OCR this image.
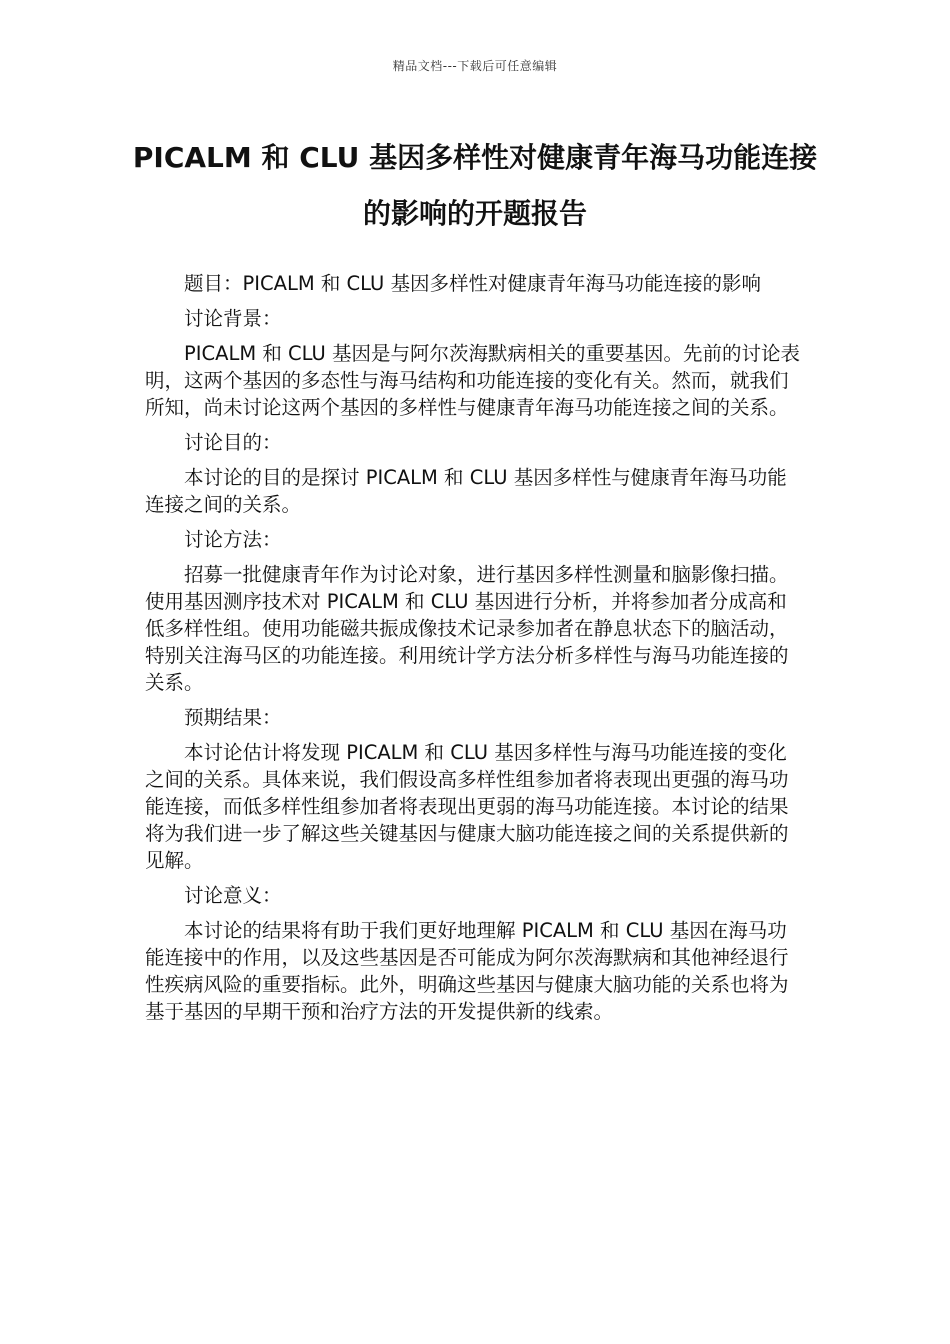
精品文档---下载后可任意编辑
PICALM 和 CLU 基因多样性对健康青年海马功能连接的影响的开题报告

题目：PICALM 和 CLU 基因多样性对健康青年海马功能连接的影响

讨论背景：

PICALM 和 CLU 基因是与阿尔茨海默病相关的重要基因。先前的讨论表明，这两个基因的多态性与海马结构和功能连接的变化有关。然而，就我们所知，尚未讨论这两个基因的多样性与健康青年海马功能连接之间的关系。

讨论目的：

本讨论的目的是探讨 PICALM 和 CLU 基因多样性与健康青年海马功能连接之间的关系。

讨论方法：

招募一批健康青年作为讨论对象，进行基因多样性测量和脑影像扫描。使用基因测序技术对 PICALM 和 CLU 基因进行分析，并将参加者分成高和低多样性组。使用功能磁共振成像技术记录参加者在静息状态下的脑活动，特别关注海马区的功能连接。利用统计学方法分析多样性与海马功能连接的关系。

预期结果：

本讨论估计将发现 PICALM 和 CLU 基因多样性与海马功能连接的变化之间的关系。具体来说，我们假设高多样性组参加者将表现出更强的海马功能连接，而低多样性组参加者将表现出更弱的海马功能连接。本讨论的结果将为我们进一步了解这些关键基因与健康大脑功能连接之间的关系提供新的见解。

讨论意义：

本讨论的结果将有助于我们更好地理解 PICALM 和 CLU 基因在海马功能连接中的作用，以及这些基因是否可能成为阿尔茨海默病和其他神经退行性疾病风险的重要指标。此外，明确这些基因与健康大脑功能的关系也将为基于基因的早期干预和治疗方法的开发提供新的线索。
